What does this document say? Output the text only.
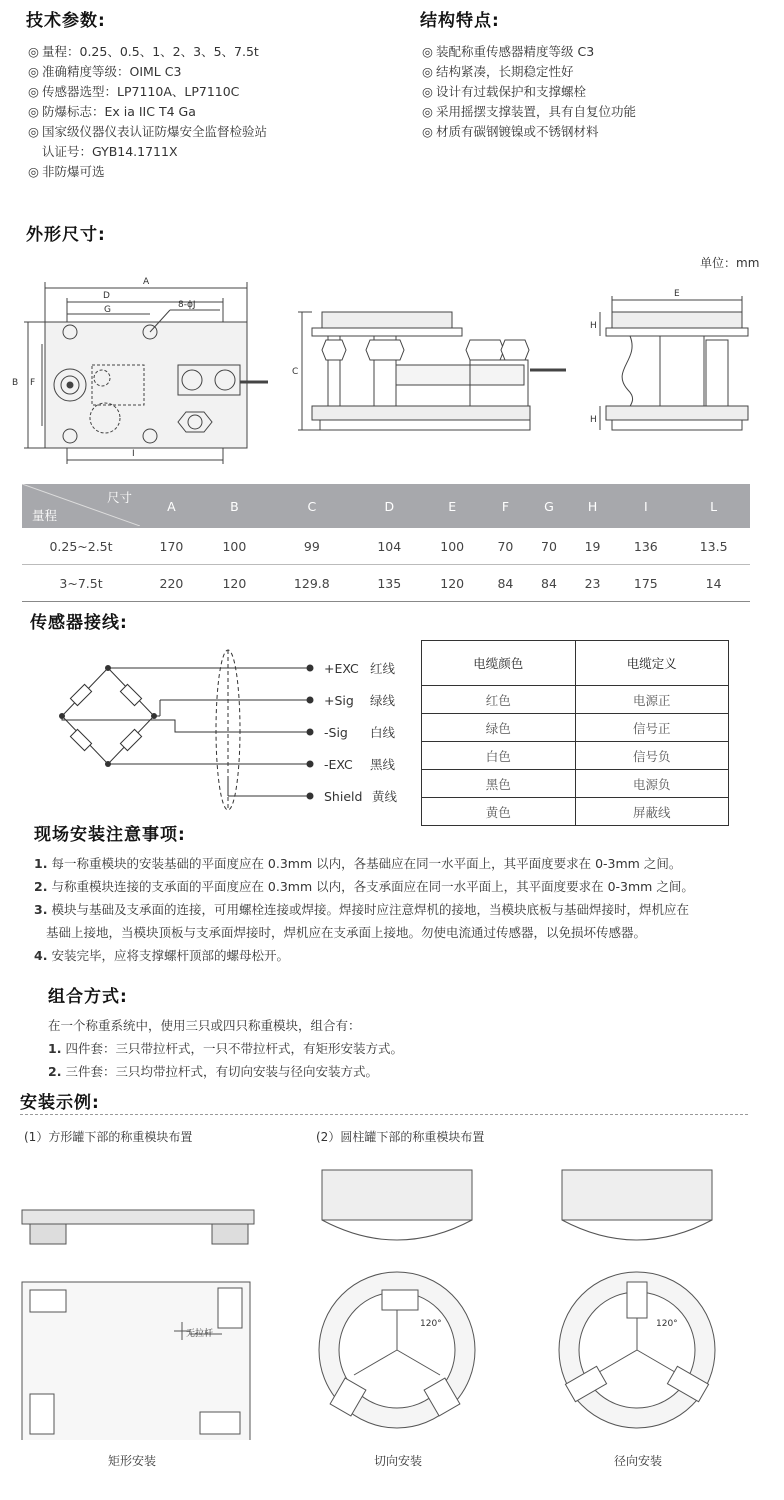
技术参数:
◎ 量程：0.25、0.5、1、2、3、5、7.5t
◎ 准确精度等级：OIML C3
◎ 传感器选型：LP7110A、LP7110C
◎ 防爆标志：Ex ia IIC T4 Ga
◎ 国家级仪器仪表认证防爆安全监督检验站
认证号：GYB14.1711X
◎ 非防爆可选
结构特点:
◎ 装配称重传感器精度等级 C3
◎ 结构紧凑，长期稳定性好
◎ 设计有过载保护和支撑螺栓
◎ 采用摇摆支撑装置，具有自复位功能
◎ 材质有碳钢镀镍或不锈钢材料
外形尺寸:
单位：mm
A
D
G	8-ϕJ
B F
I
C
E
H
H
尺寸
量程	A	B	C	D	E	F	G	H	I	L
0.25~2.5t	170	100	99	104	100	70	70	19	136	13.5
3~7.5t	220	120	129.8	135	120	84	84	23	175	14
传感器接线:
+EXC 红线
+Sig 绿线
-Sig 白线
-EXC 黑线
Shield 黄线
电缆颜色	电缆定义
红色	电源正
绿色	信号正
白色	信号负
黑色	电源负
黄色	屏蔽线
现场安装注意事项:
1. 每一称重模块的安装基础的平面度应在 0.3mm 以内，各基础应在同一水平面上，其平面度要求在 0-3mm 之间。
2. 与称重模块连接的支承面的平面度应在 0.3mm 以内，各支承面应在同一水平面上，其平面度要求在 0-3mm 之间。
3. 模块与基础及支承面的连接，可用螺栓连接或焊接。焊接时应注意焊机的接地，当模块底板与基础焊接时，焊机应在
基础上接地，当模块顶板与支承面焊接时，焊机应在支承面上接地。勿使电流通过传感器，以免损坏传感器。
4. 安装完毕，应将支撑螺杆顶部的螺母松开。
组合方式:
在一个称重系统中，使用三只或四只称重模块，组合有：
1. 四件套：三只带拉杆式，一只不带拉杆式，有矩形安装方式。
2. 三件套：三只均带拉杆式，有切向安装与径向安装方式。
安装示例:
(1）方形罐下部的称重模块布置	(2）圆柱罐下部的称重模块布置
无拉杆
120°	120°
矩形安装	切向安装	径向安装
